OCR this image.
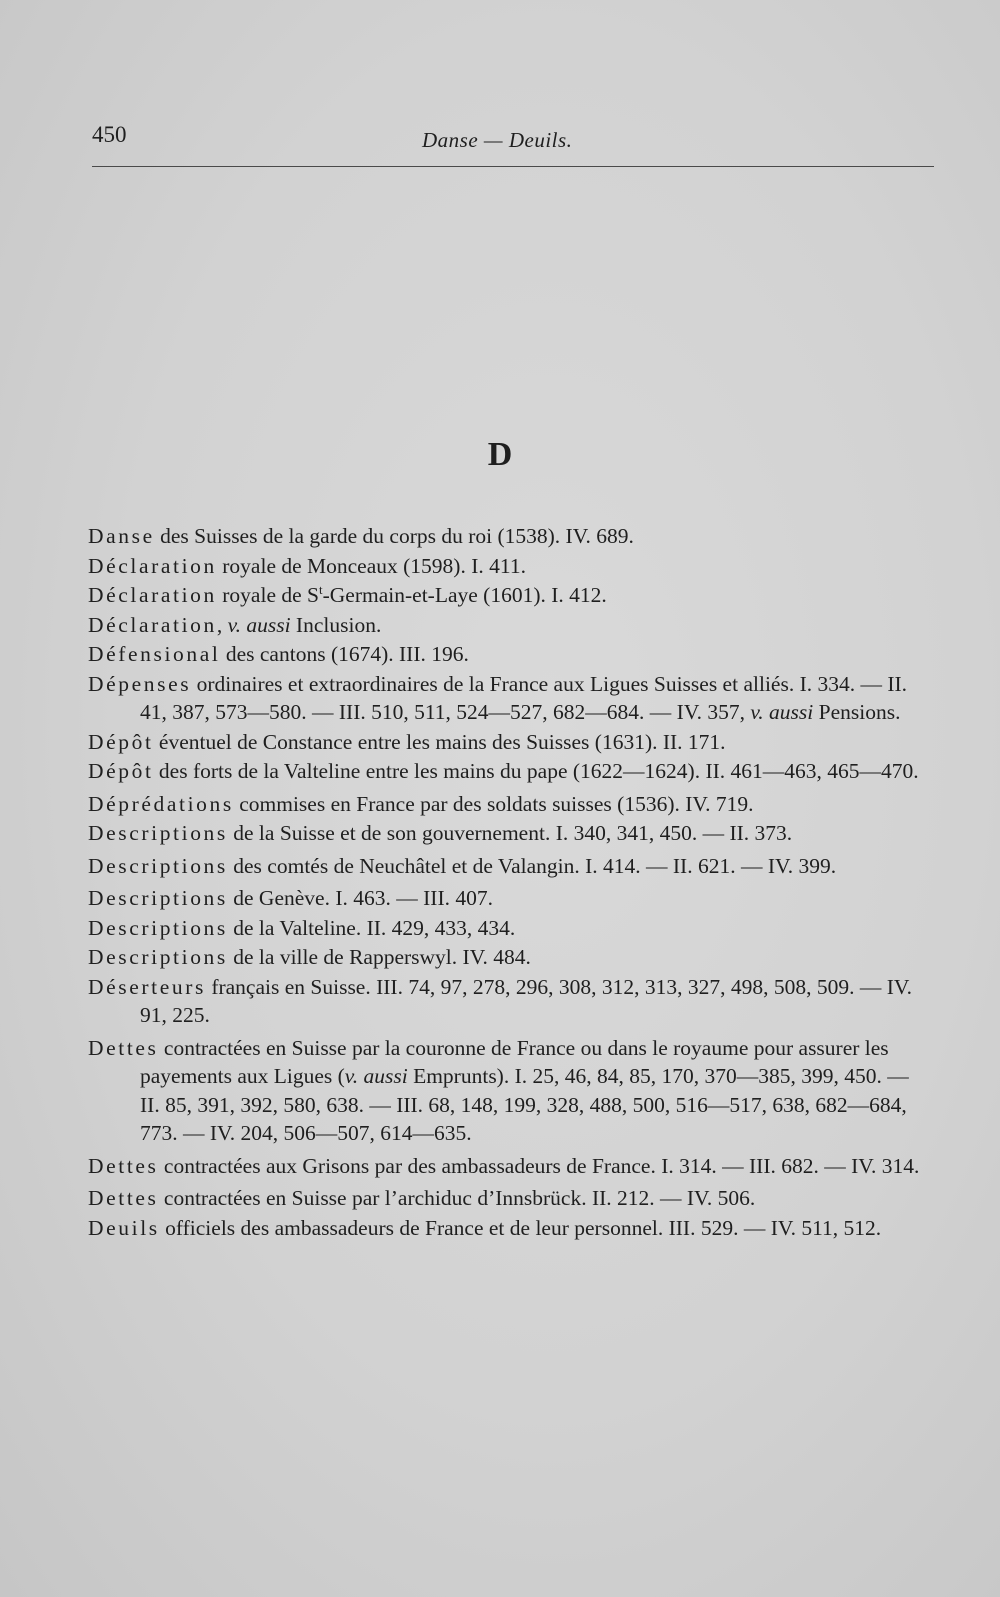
450	Danse — Deuils.
D

Danse des Suisses de la garde du corps du roi (1538). IV. 689.

Déclaration royale de Monceaux (1598). I. 411.

Déclaration royale de $S^t-Germain-et$-Laye (1601). I. 412.

Déclaration, v. aussi Inclusion.

Défensional des cantons (1674). III. 196.

Dépenses ordinaires et extraordinaires de la France aux Ligues Suisses et alliés. I. 334. — II. 41, 387, 573—580. — III. 510, 511, 524—527, 682—684. — IV. 357, v. aussi Pensions.

Dépôt éventuel de Constance entre les mains des Suisses (1631). II. 171.

Dépôt des forts de la Valteline entre les mains du pape (1622—1624). II. 461—463, 465—470.

Déprédations commises en France par des soldats suisses (1536). IV. 719.

Descriptions de la Suisse et de son gouvernement. I. 340, 341, 450. — II. 373.

Descriptions des comtés de Neuchâtel et de Valangin. I. 414. — II. 621. — IV. 399.

Descriptions de Genève. I. 463. — III. 407.

Descriptions de la Valteline. II. 429, 433, 434.

Descriptions de la ville de Rapperswyl. IV. 484.

Déserteurs français en Suisse. III. 74, 97, 278, 296, 308, 312, 313, 327, 498, 508, 509. — IV. 91, 225.

Dettes contractées en Suisse par la couronne de France ou dans le royaume pour assurer les payements aux Ligues (v. aussi Emprunts). I. 25, 46, 84, 85, 170, 370—385, 399, 450. — II. 85, 391, 392, 580, 638. — III. 68, 148, 199, 328, 488, 500, 516—517, 638, 682—684, 773. — IV. 204, 506—507, 614—635.

Dettes contractées aux Grisons par des ambassadeurs de France. I. 314. — III. 682. — IV. 314.

Dettes contractées en Suisse par l’archiduc d’Innsbrück. II. 212. — IV. 506.

Deuils officiels des ambassadeurs de France et de leur personnel. III. 529. — IV. 511, 512.
